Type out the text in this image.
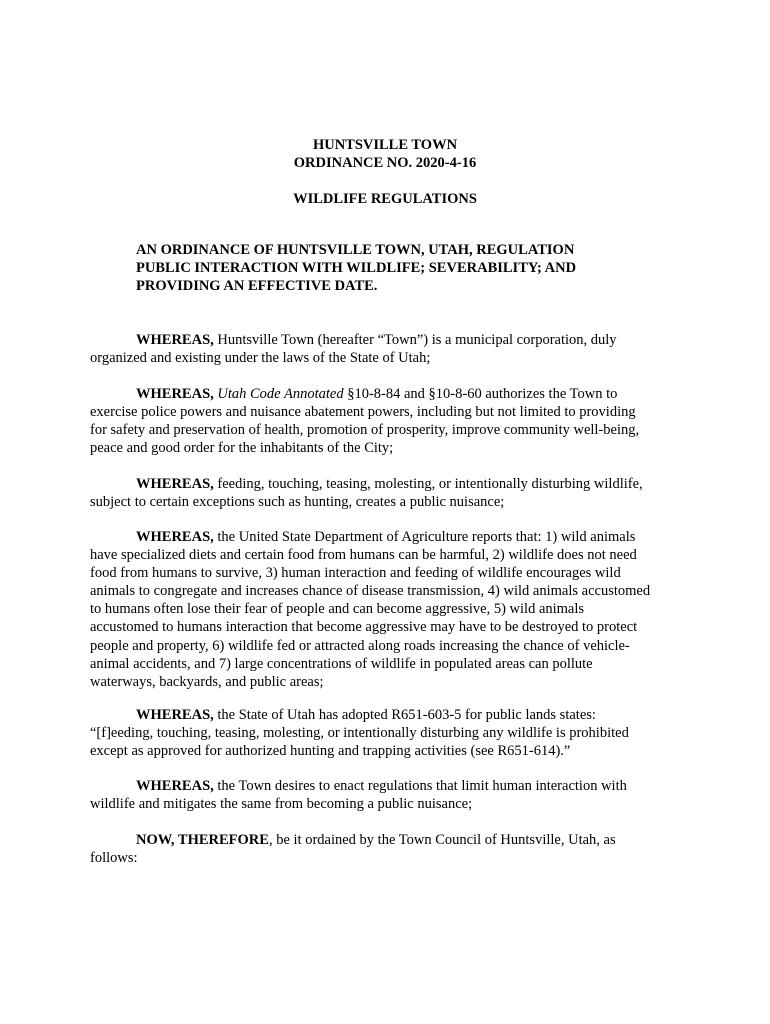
HUNTSVILLE TOWN
ORDINANCE NO. 2020-4-16
WILDLIFE REGULATIONS
AN ORDINANCE OF HUNTSVILLE TOWN, UTAH, REGULATION
PUBLIC INTERACTION WITH WILDLIFE; SEVERABILITY; AND
PROVIDING AN EFFECTIVE DATE.
WHEREAS, Huntsville Town (hereafter “Town”) is a municipal corporation, duly
organized and existing under the laws of the State of Utah;
WHEREAS, Utah Code Annotated §10-8-84 and §10-8-60 authorizes the Town to
exercise police powers and nuisance abatement powers, including but not limited to providing
for safety and preservation of health, promotion of prosperity, improve community well-being,
peace and good order for the inhabitants of the City;
WHEREAS, feeding, touching, teasing, molesting, or intentionally disturbing wildlife,
subject to certain exceptions such as hunting, creates a public nuisance;
WHEREAS, the United State Department of Agriculture reports that: 1) wild animals
have specialized diets and certain food from humans can be harmful, 2) wildlife does not need
food from humans to survive, 3) human interaction and feeding of wildlife encourages wild
animals to congregate and increases chance of disease transmission, 4) wild animals accustomed
to humans often lose their fear of people and can become aggressive, 5) wild animals
accustomed to humans interaction that become aggressive may have to be destroyed to protect
people and property, 6) wildlife fed or attracted along roads increasing the chance of vehicle-
animal accidents, and 7) large concentrations of wildlife in populated areas can pollute
waterways, backyards, and public areas;
WHEREAS, the State of Utah has adopted R651-603-5 for public lands states:
“[f]eeding, touching, teasing, molesting, or intentionally disturbing any wildlife is prohibited
except as approved for authorized hunting and trapping activities (see R651-614).”
WHEREAS, the Town desires to enact regulations that limit human interaction with
wildlife and mitigates the same from becoming a public nuisance;
NOW, THEREFORE, be it ordained by the Town Council of Huntsville, Utah, as
follows:
